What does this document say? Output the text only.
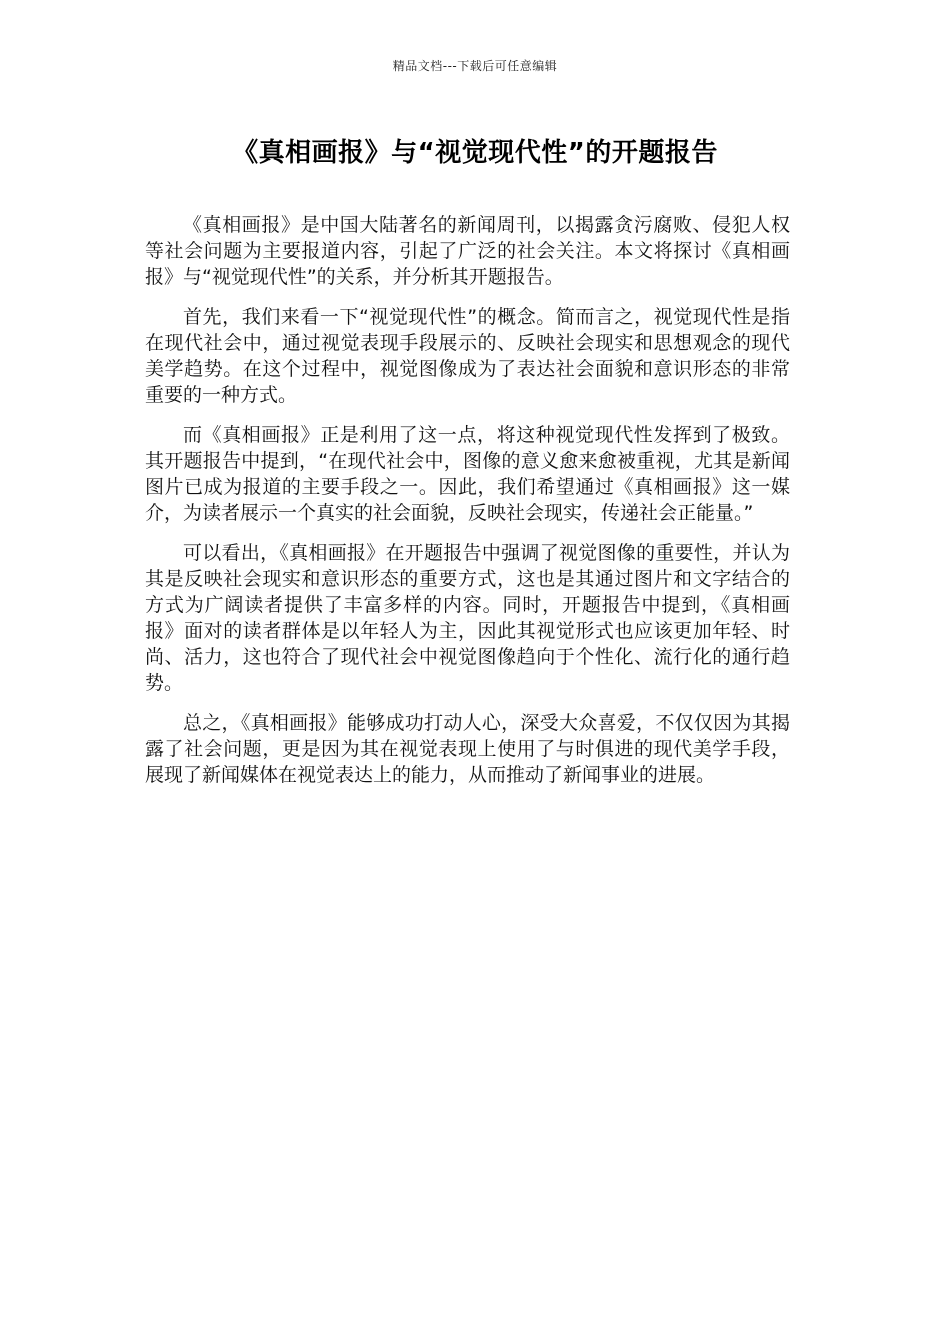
精品文档---下载后可任意编辑
《真相画报》与“视觉现代性”的开题报告

《真相画报》是中国大陆著名的新闻周刊，以揭露贪污腐败、侵犯人权等社会问题为主要报道内容，引起了广泛的社会关注。本文将探讨《真相画报》与“视觉现代性”的关系，并分析其开题报告。

首先，我们来看一下“视觉现代性”的概念。简而言之，视觉现代性是指在现代社会中，通过视觉表现手段展示的、反映社会现实和思想观念的现代美学趋势。在这个过程中，视觉图像成为了表达社会面貌和意识形态的非常重要的一种方式。

而《真相画报》正是利用了这一点，将这种视觉现代性发挥到了极致。其开题报告中提到，“在现代社会中，图像的意义愈来愈被重视，尤其是新闻图片已成为报道的主要手段之一。因此，我们希望通过《真相画报》这一媒介，为读者展示一个真实的社会面貌，反映社会现实，传递社会正能量。”

可以看出，《真相画报》在开题报告中强调了视觉图像的重要性，并认为其是反映社会现实和意识形态的重要方式，这也是其通过图片和文字结合的方式为广阔读者提供了丰富多样的内容。同时，开题报告中提到，《真相画报》面对的读者群体是以年轻人为主，因此其视觉形式也应该更加年轻、时尚、活力，这也符合了现代社会中视觉图像趋向于个性化、流行化的通行趋势。

总之，《真相画报》能够成功打动人心，深受大众喜爱，不仅仅因为其揭露了社会问题，更是因为其在视觉表现上使用了与时俱进的现代美学手段，展现了新闻媒体在视觉表达上的能力，从而推动了新闻事业的进展。
